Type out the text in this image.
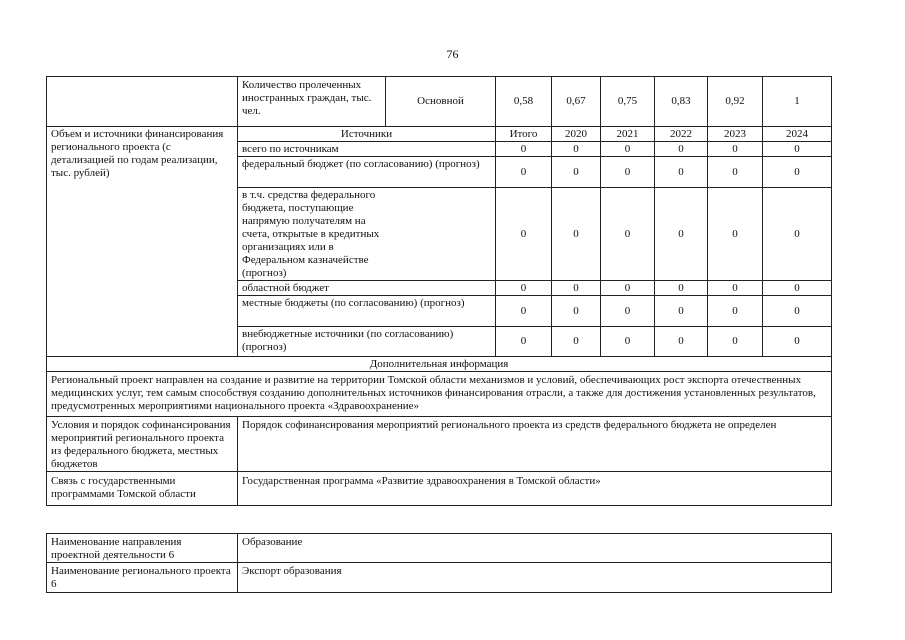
76
	Количество пролеченных иностранных граждан, тыс. чел.	Основной	0,58	0,67	0,75	0,83	0,92	1
Объем и источники финансирования регионального проекта (с детализацией по годам реализации, тыс. рублей)	Источники		Итого	2020	2021	2022	2023	2024
	всего по источникам		0	0	0	0	0	0
	федеральный бюджет (по согласованию) (прогноз)		0	0	0	0	0	0
	в т.ч. средства федерального бюджета, поступающие напрямую получателям на счета, открытые в кредитных организациях или в Федеральном казначействе (прогноз)		0	0	0	0	0	0
	областной бюджет		0	0	0	0	0	0
	местные бюджеты (по согласованию) (прогноз)		0	0	0	0	0	0
	внебюджетные источники (по согласованию) (прогноз)		0	0	0	0	0	0
Дополнительная информация								
Региональный проект направлен на создание и развитие на территории Томской области механизмов и условий, обеспечивающих рост экспорта отечественных медицинских услуг, тем самым способствуя созданию дополнительных источников финансирования отрасли, а также для достижения установленных результатов, предусмотренных мероприятиями национального проекта «Здравоохранение»								
Условия и порядок софинансирования мероприятий регионального проекта из федерального бюджета, местных бюджетов	Порядок софинансирования мероприятий регионального проекта из средств федерального бюджета не определен							
Связь с государственными программами Томской области	Государственная программа «Развитие здравоохранения в Томской области»							
Наименование направления проектной деятельности 6	Образование
Наименование регионального проекта 6	Экспорт образования
